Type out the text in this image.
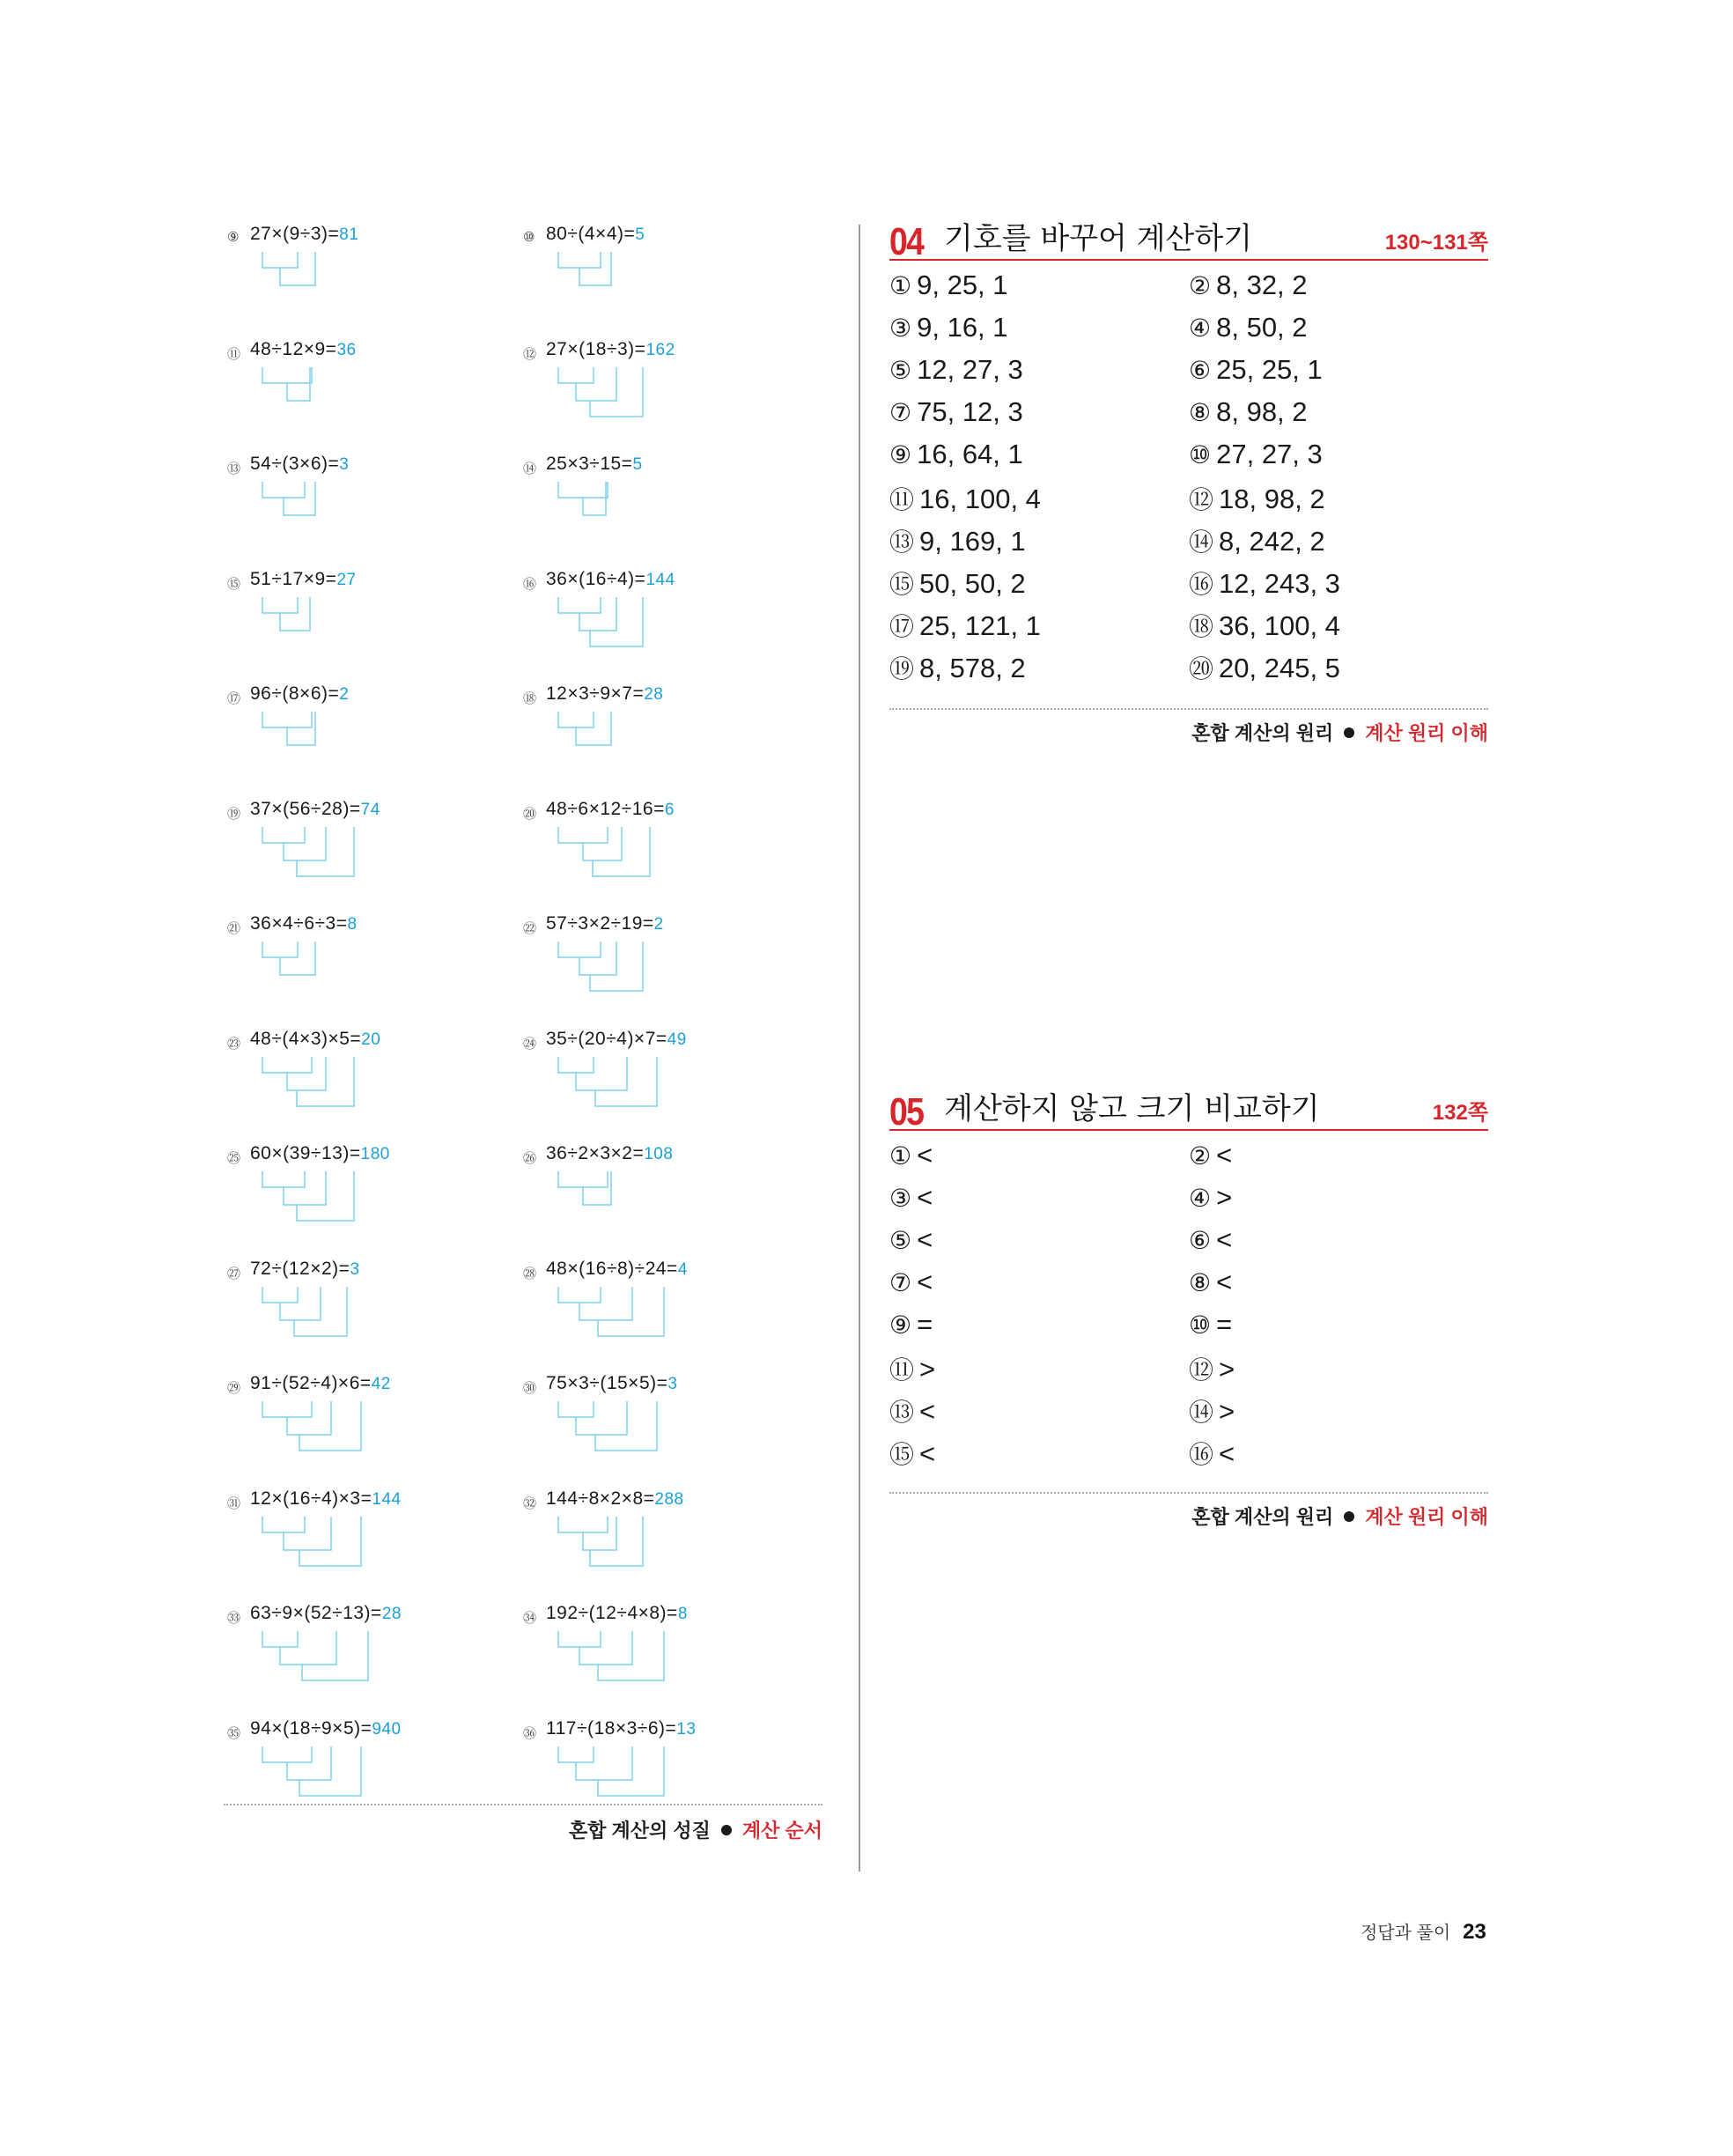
⑨ 27×(9÷3)=81	⑩ 80÷(4×4)=5
⑪ 48÷12×9=36	⑫ 27×(18÷3)=162
⑬ 54÷(3×6)=3	⑭ 25×3÷15=5
⑮ 51÷17×9=27	⑯ 36×(16÷4)=144
⑰ 96÷(8×6)=2	⑱ 12×3÷9×7=28
⑲ 37×(56÷28)=74	⑳ 48÷6×12÷16=6
㉑ 36×4÷6÷3=8	㉒ 57÷3×2÷19=2
㉓ 48÷(4×3)×5=20	㉔ 35÷(20÷4)×7=49
㉕ 60×(39÷13)=180	㉖ 36÷2×3×2=108
㉗ 72÷(12×2)=3	㉘ 48×(16÷8)÷24=4
㉙ 91÷(52÷4)×6=42	㉚ 75×3÷(15×5)=3
㉛ 12×(16÷4)×3=144	㉜ 144÷8×2×8=288
㉝ 63÷9×(52÷13)=28	㉞ 192÷(12÷4×8)=8
㉟ 94×(18÷9×5)=940	㊱ 117÷(18×3÷6)=13
혼합 계산의 성질 계산 순서
04 기호를 바꾸어 계산하기	130~131쪽
① 9, 25, 1	② 8, 32, 2
③ 9, 16, 1	④ 8, 50, 2
⑤ 12, 27, 3	⑥ 25, 25, 1
⑦ 75, 12, 3	⑧ 8, 98, 2
⑨ 16, 64, 1	⑩ 27, 27, 3
⑪ 16, 100, 4	⑫ 18, 98, 2
⑬ 9, 169, 1	⑭ 8, 242, 2
⑮ 50, 50, 2	⑯ 12, 243, 3
⑰ 25, 121, 1	⑱ 36, 100, 4
⑲ 8, 578, 2	⑳ 20, 245, 5
혼합 계산의 원리 계산 원리 이해
05 계산하지 않고 크기 비교하기	132쪽
① <	② <
③ <	④ >
⑤ <	⑥ <
⑦ <	⑧ <
⑨ =	⑩ =
⑪ >	⑫ >
⑬ <	⑭ >
⑮ <	⑯ <
혼합 계산의 원리 계산 원리 이해
정답과 풀이 23
